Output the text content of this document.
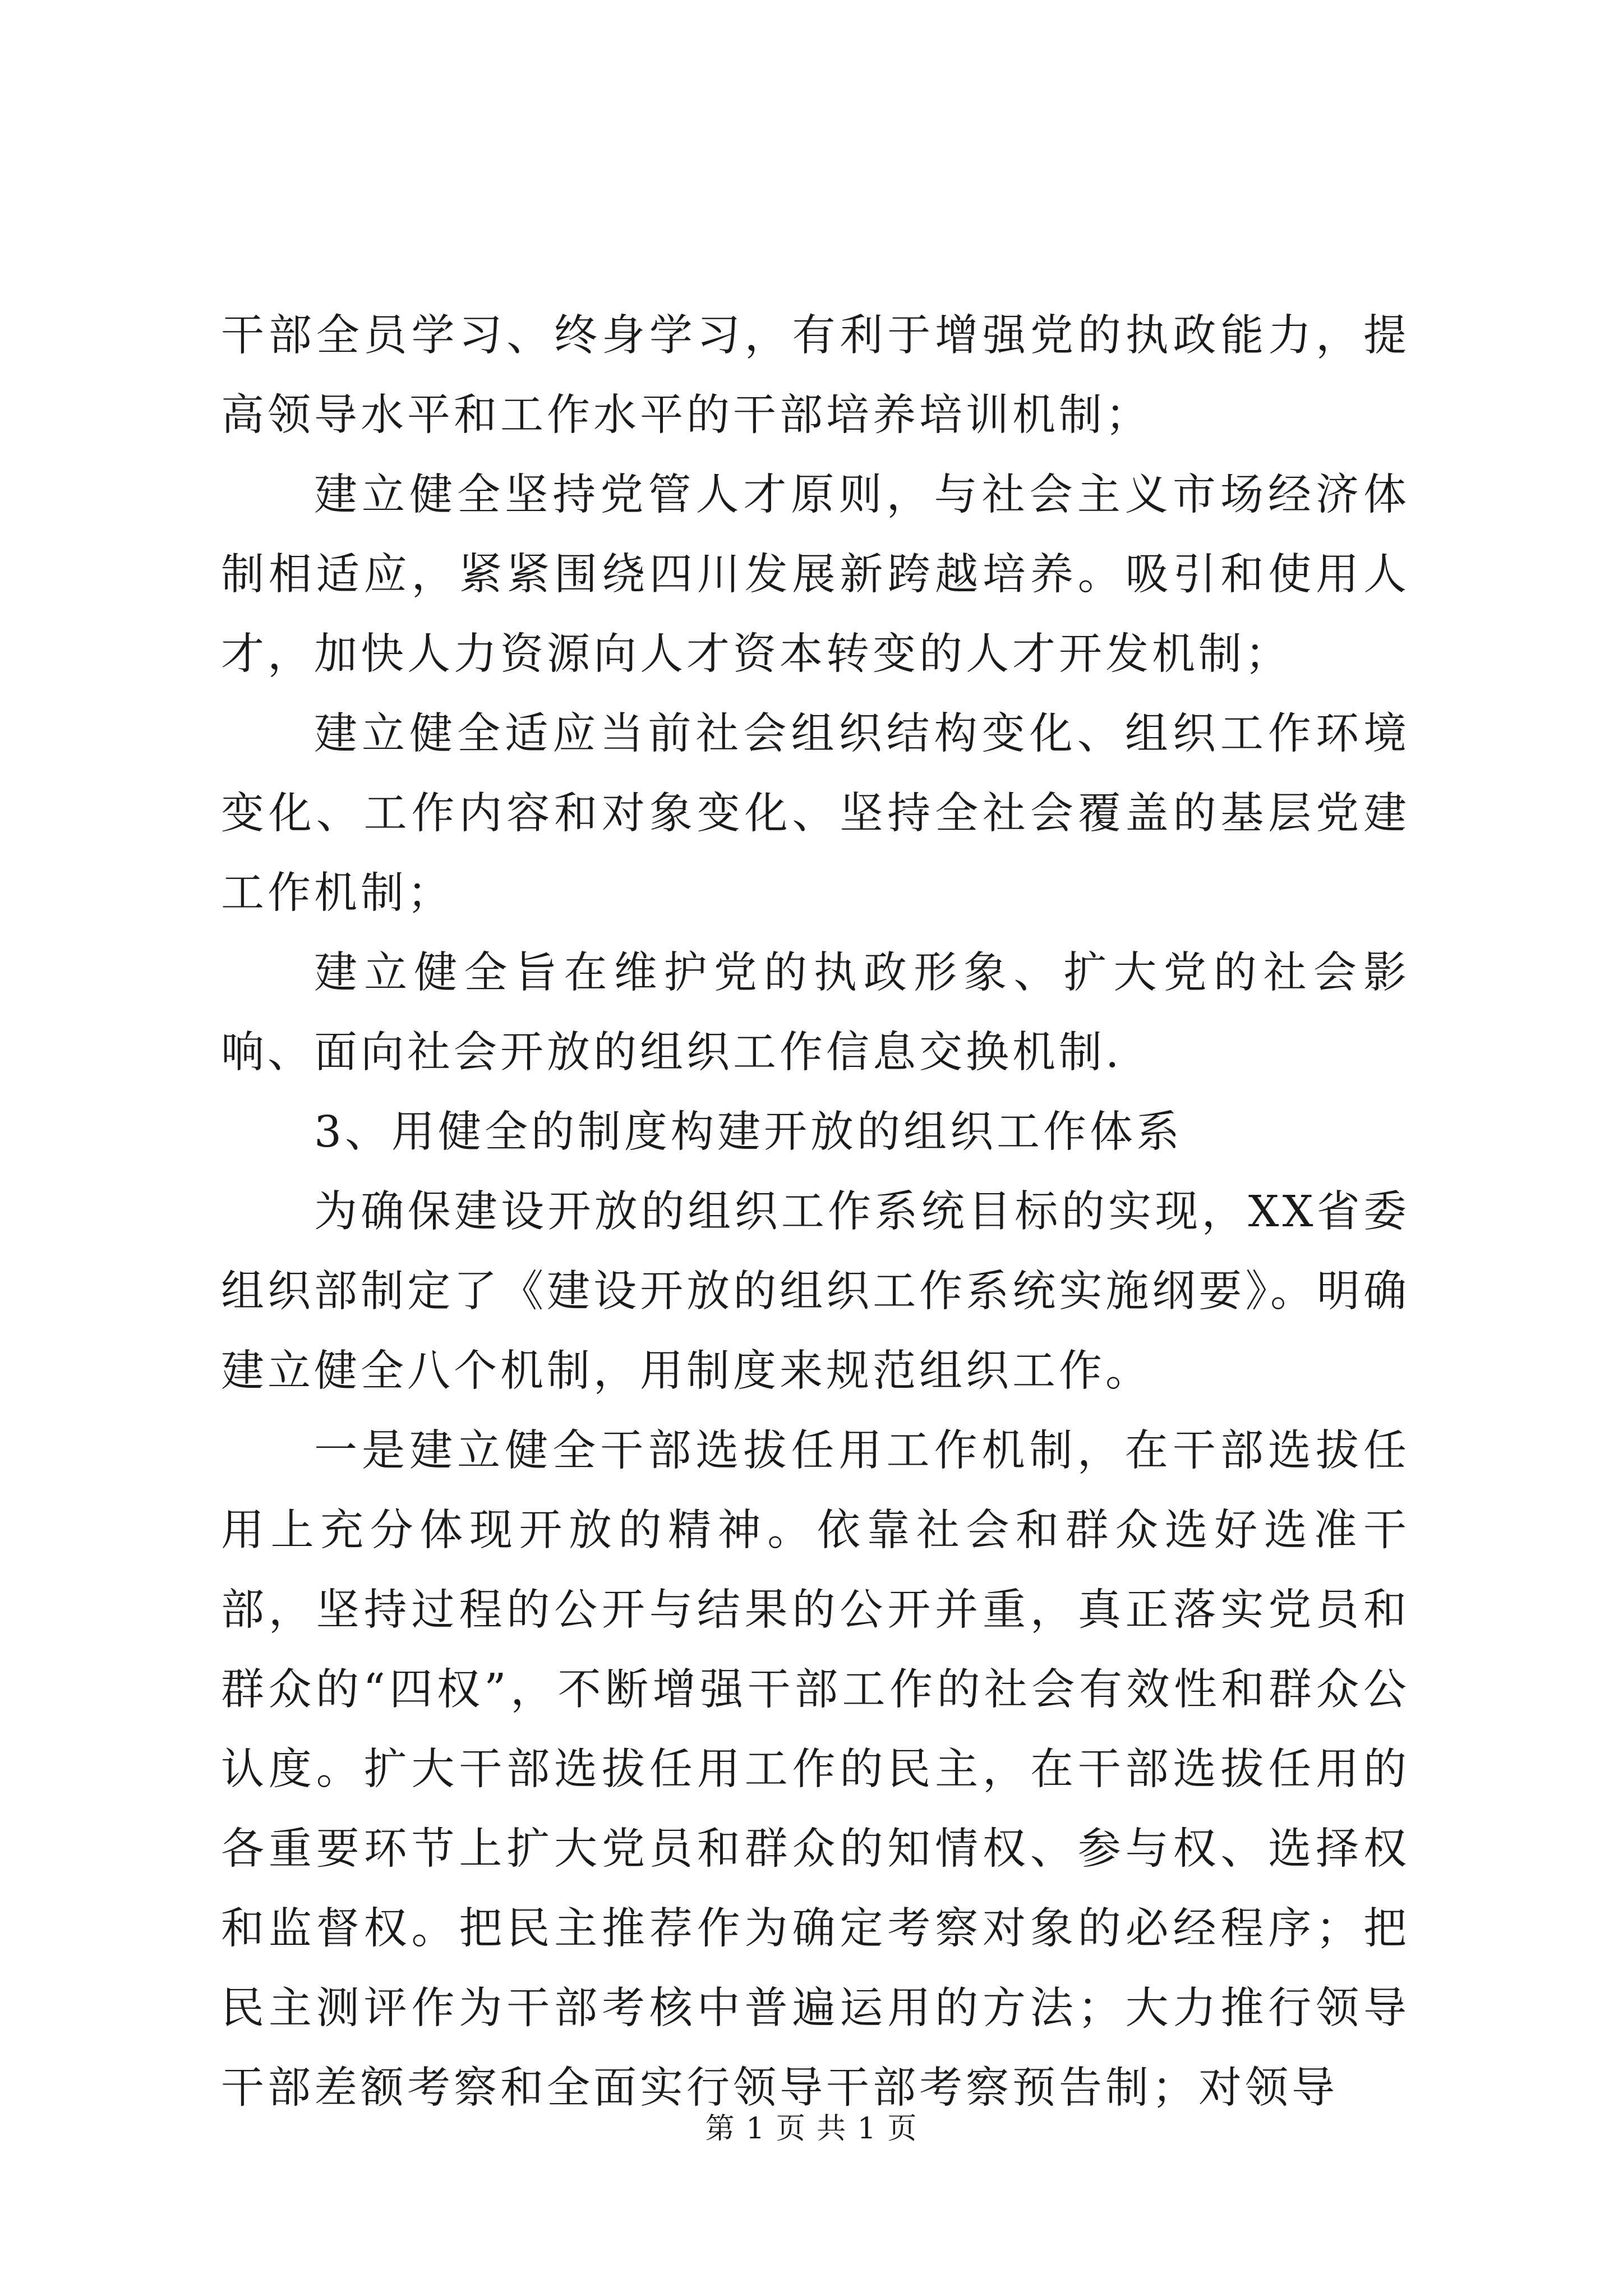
干部全员学习、终身学习，有利于增强党的执政能力，提高领导水平和工作水平的干部培养培训机制；

建立健全坚持党管人才原则，与社会主义市场经济体制相适应，紧紧围绕四川发展新跨越培养。吸引和使用人才，加快人力资源向人才资本转变的人才开发机制；

建立健全适应当前社会组织结构变化、组织工作环境变化、工作内容和对象变化、坚持全社会覆盖的基层党建工作机制；

建立健全旨在维护党的执政形象、扩大党的社会影响、面向社会开放的组织工作信息交换机制.

3、用健全的制度构建开放的组织工作体系

为确保建设开放的组织工作系统目标的实现，XX省委组织部制定了《建设开放的组织工作系统实施纲要》。明确建立健全八个机制，用制度来规范组织工作。

一是建立健全干部选拔任用工作机制，在干部选拔任用上充分体现开放的精神。依靠社会和群众选好选准干部，坚持过程的公开与结果的公开并重，真正落实党员和群众的“四权”，不断增强干部工作的社会有效性和群众公认度。扩大干部选拔任用工作的民主，在干部选拔任用的各重要环节上扩大党员和群众的知情权、参与权、选择权和监督权。把民主推荐作为确定考察对象的必经程序；把民主测评作为干部考核中普遍运用的方法；大力推行领导干部差额考察和全面实行领导干部考察预告制；对领导

第 1 页 共 1 页
